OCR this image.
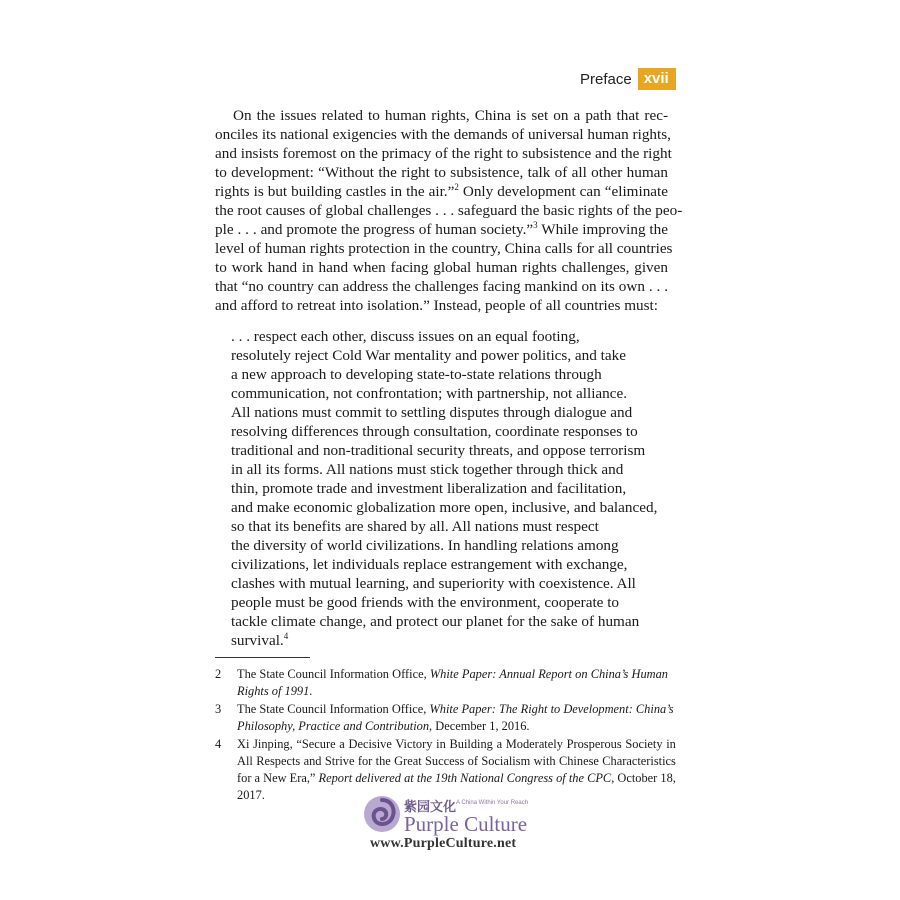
Preface xvii
On the issues related to human rights, China is set on a path that rec-
onciles its national exigencies with the demands of universal human rights,
and insists foremost on the primacy of the right to subsistence and the right
to development: “Without the right to subsistence, talk of all other human
rights is but building castles in the air.”$^2$ Only development can “eliminate
the root causes of global challenges . . . safeguard the basic rights of the peo-
ple . . . and promote the progress of human society.”$^3$ While improving the
level of human rights protection in the country, China calls for all countries
to work hand in hand when facing global human rights challenges, given
that “no country can address the challenges facing mankind on its own . . .
and afford to retreat into isolation.” Instead, people of all countries must:
. . . respect each other, discuss issues on an equal footing,
resolutely reject Cold War mentality and power politics, and take
a new approach to developing state-to-state relations through
communication, not confrontation; with partnership, not alliance.
All nations must commit to settling disputes through dialogue and
resolving differences through consultation, coordinate responses to
traditional and non-traditional security threats, and oppose terrorism
in all its forms. All nations must stick together through thick and
thin, promote trade and investment liberalization and facilitation,
and make economic globalization more open, inclusive, and balanced,
so that its benefits are shared by all. All nations must respect
the diversity of world civilizations. In handling relations among
civilizations, let individuals replace estrangement with exchange,
clashes with mutual learning, and superiority with coexistence. All
people must be good friends with the environment, cooperate to
tackle climate change, and protect our planet for the sake of human
survival.$^4$
2	The State Council Information Office, White Paper: Annual Report on China’s Human
Rights of 1991.
3	The State Council Information Office, White Paper: The Right to Development: China’s
Philosophy, Practice and Contribution, December 1, 2016.
4	Xi Jinping, “Secure a Decisive Victory in Building a Moderately Prosperous Society in
All Respects and Strive for the Great Success of Socialism with Chinese Characteristics
for a New Era,” Report delivered at the 19th National Congress of the CPC, October 18,
2017.
紫园文化 A China Within Your Reach
Purple Culture
www.PurpleCulture.net
